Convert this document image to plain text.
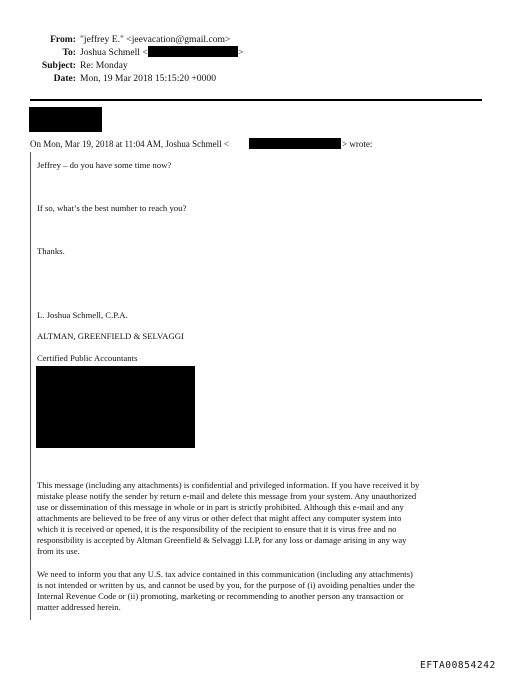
From: "jeffrey E." <jeevacation@gmail.com>
To: Joshua Schmell <	>
Subject: Re: Monday
Date: Mon, 19 Mar 2018 15:15:20 +0000
On Mon, Mar 19, 2018 at 11:04 AM, Joshua Schmell <	> wrote:
Jeffrey – do you have some time now?
If so, what’s the best number to reach you?
Thanks.
L. Joshua Schmell, C.P.A.
ALTMAN, GREENFIELD & SELVAGGI
Certified Public Accountants
This message (including any attachments) is confidential and privileged information. If you have received it by
mistake please notify the sender by return e-mail and delete this message from your system. Any unauthorized
use or dissemination of this message in whole or in part is strictly prohibited. Although this e-mail and any
attachments are believed to be free of any virus or other defect that might affect any computer system into
which it is received or opened, it is the responsibility of the recipient to ensure that it is virus free and no
responsibility is accepted by Altman Greenfield & Selvaggi LLP, for any loss or damage arising in any way
from its use.
We need to inform you that any U.S. tax advice contained in this communication (including any attachments)
is not intended or written by us, and cannot be used by you, for the purpose of (i) avoiding penalties under the
Internal Revenue Code or (ii) promoting, marketing or recommending to another person any transaction or
matter addressed herein.
EFTA00854242
